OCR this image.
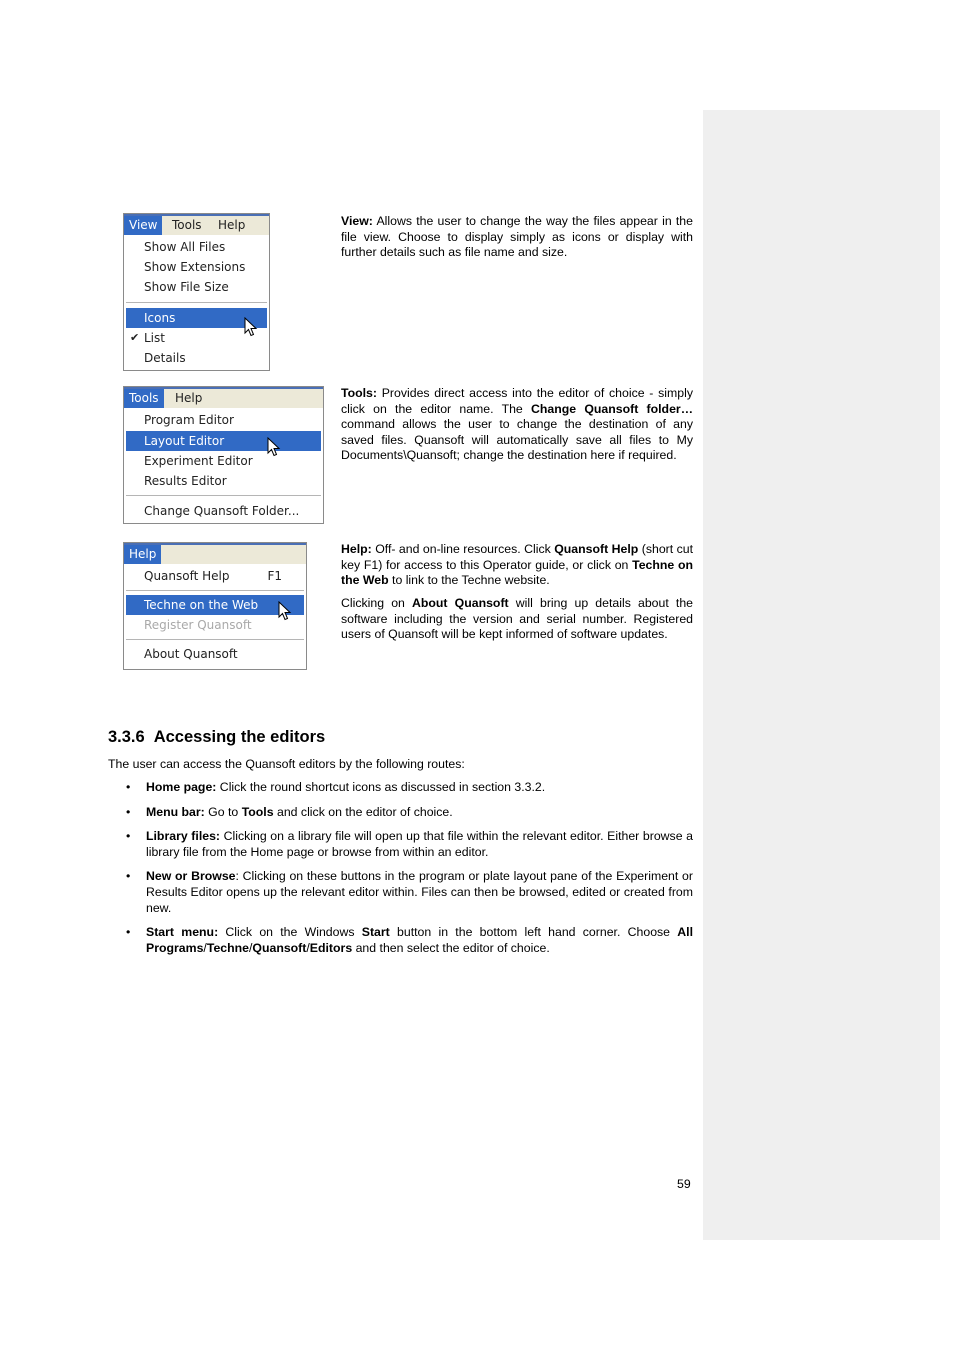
View	Tools	Help
Show All Files
Show Extensions
Show File Size
Icons
✔ List
Details

View: Allows the user to change the way the files appear in the file view. Choose to display simply as icons or display with further details such as file name and size.

Tools	Help
Program Editor
Layout Editor
Experiment Editor
Results Editor
Change Quansoft Folder...

Tools: Provides direct access into the editor of choice - simply click on the editor name. The Change Quansoft folder… command allows the user to change the destination of any saved files. Quansoft will automatically save all files to My Documents\Quansoft; change the destination here if required.

Help
Quansoft Help	F1
Techne on the Web
Register Quansoft
About Quansoft

Help: Off- and on-line resources. Click Quansoft Help (short cut key F1) for access to this Operator guide, or click on Techne on the Web to link to the Techne website.

Clicking on About Quansoft will bring up details about the software including the version and serial number. Registered users of Quansoft will be kept informed of software updates.

3.3.6 Accessing the editors

The user can access the Quansoft editors by the following routes:

• Home page: Click the round shortcut icons as discussed in section 3.3.2.
• Menu bar: Go to Tools and click on the editor of choice.
• Library files: Clicking on a library file will open up that file within the relevant editor. Either browse a library file from the Home page or browse from within an editor.
• New or Browse: Clicking on these buttons in the program or plate layout pane of the Experiment or Results Editor opens up the relevant editor within. Files can then be browsed, edited or created from new.
• Start menu: Click on the Windows Start button in the bottom left hand corner. Choose All Programs/Techne/Quansoft/Editors and then select the editor of choice.
59
